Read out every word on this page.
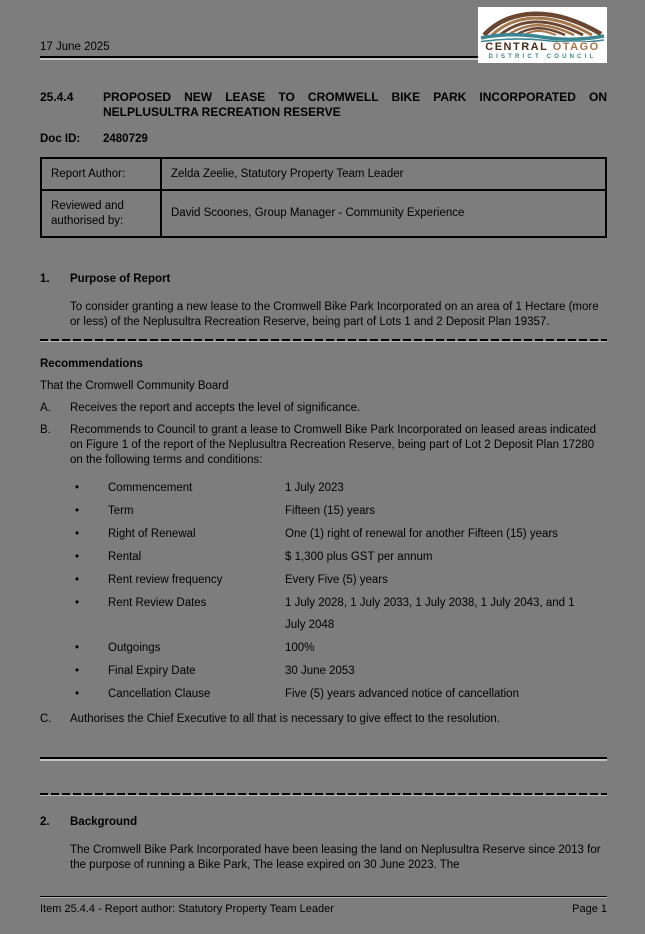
17 June 2025	CENTRAL OTAGO
DISTRICT COUNCIL
25.4.4	PROPOSED NEW LEASE TO CROMWELL BIKE PARK INCORPORATED ON NELPLUSULTRA RECREATION RESERVE
Doc ID:	2480729
Report Author:	Zelda Zeelie, Statutory Property Team Leader
Reviewed and authorised by:	David Scoones, Group Manager - Community Experience
1.	Purpose of Report

To consider granting a new lease to the Cromwell Bike Park Incorporated on an area of 1 Hectare (more or less) of the Neplusultra Recreation Reserve, being part of Lots 1 and 2 Deposit Plan 19357.

Recommendations

That the Cromwell Community Board

A.	Receives the report and accepts the level of significance.
B.	Recommends to Council to grant a lease to Cromwell Bike Park Incorporated on leased areas indicated on Figure 1 of the report of the Neplusultra Recreation Reserve, being part of Lot 2 Deposit Plan 17280 on the following terms and conditions:
•	Commencement	1 July 2023
•	Term	Fifteen (15) years
•	Right of Renewal	One (1) right of renewal for another Fifteen (15) years
•	Rental	$ 1,300 plus GST per annum
•	Rent review frequency	Every Five (5) years
•	Rent Review Dates	1 July 2028, 1 July 2033, 1 July 2038, 1 July 2043, and 1 July 2048
•	Outgoings	100%
•	Final Expiry Date	30 June 2053
•	Cancellation Clause	Five (5) years advanced notice of cancellation
C.	Authorises the Chief Executive to all that is necessary to give effect to the resolution.
2.	Background

The Cromwell Bike Park Incorporated have been leasing the land on Neplusultra Reserve since 2013 for the purpose of running a Bike Park, The lease expired on 30 June 2023. The

Item 25.4.4 - Report author: Statutory Property Team Leader	Page 1
